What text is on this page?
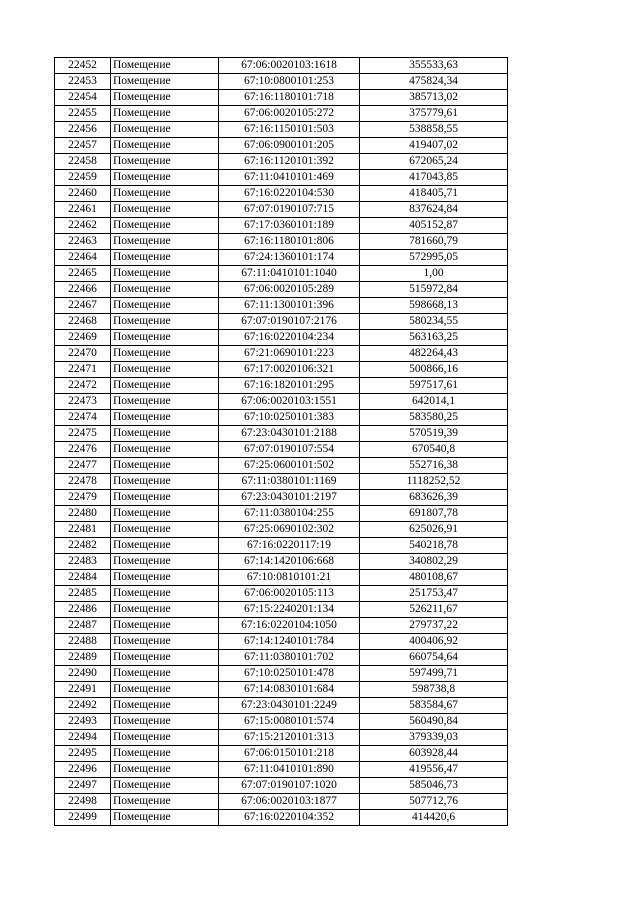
22452	Помещение	67:06:0020103:1618	355533,63
22453	Помещение	67:10:0800101:253	475824,34
22454	Помещение	67:16:1180101:718	385713,02
22455	Помещение	67:06:0020105:272	375779,61
22456	Помещение	67:16:1150101:503	538858,55
22457	Помещение	67:06:0900101:205	419407,02
22458	Помещение	67:16:1120101:392	672065,24
22459	Помещение	67:11:0410101:469	417043,85
22460	Помещение	67:16:0220104:530	418405,71
22461	Помещение	67:07:0190107:715	837624,84
22462	Помещение	67:17:0360101:189	405152,87
22463	Помещение	67:16:1180101:806	781660,79
22464	Помещение	67:24:1360101:174	572995,05
22465	Помещение	67:11:0410101:1040	1,00
22466	Помещение	67:06:0020105:289	515972,84
22467	Помещение	67:11:1300101:396	598668,13
22468	Помещение	67:07:0190107:2176	580234,55
22469	Помещение	67:16:0220104:234	563163,25
22470	Помещение	67:21:0690101:223	482264,43
22471	Помещение	67:17:0020106:321	500866,16
22472	Помещение	67:16:1820101:295	597517,61
22473	Помещение	67:06:0020103:1551	642014,1
22474	Помещение	67:10:0250101:383	583580,25
22475	Помещение	67:23:0430101:2188	570519,39
22476	Помещение	67:07:0190107:554	670540,8
22477	Помещение	67:25:0600101:502	552716,38
22478	Помещение	67:11:0380101:1169	1118252,52
22479	Помещение	67:23:0430101:2197	683626,39
22480	Помещение	67:11:0380104:255	691807,78
22481	Помещение	67:25:0690102:302	625026,91
22482	Помещение	67:16:0220117:19	540218,78
22483	Помещение	67:14:1420106:668	340802,29
22484	Помещение	67:10:0810101:21	480108,67
22485	Помещение	67:06:0020105:113	251753,47
22486	Помещение	67:15:2240201:134	526211,67
22487	Помещение	67:16:0220104:1050	279737,22
22488	Помещение	67:14:1240101:784	400406,92
22489	Помещение	67:11:0380101:702	660754,64
22490	Помещение	67:10:0250101:478	597499,71
22491	Помещение	67:14:0830101:684	598738,8
22492	Помещение	67:23:0430101:2249	583584,67
22493	Помещение	67:15:0080101:574	560490,84
22494	Помещение	67:15:2120101:313	379339,03
22495	Помещение	67:06:0150101:218	603928,44
22496	Помещение	67:11:0410101:890	419556,47
22497	Помещение	67:07:0190107:1020	585046,73
22498	Помещение	67:06:0020103:1877	507712,76
22499	Помещение	67:16:0220104:352	414420,6
